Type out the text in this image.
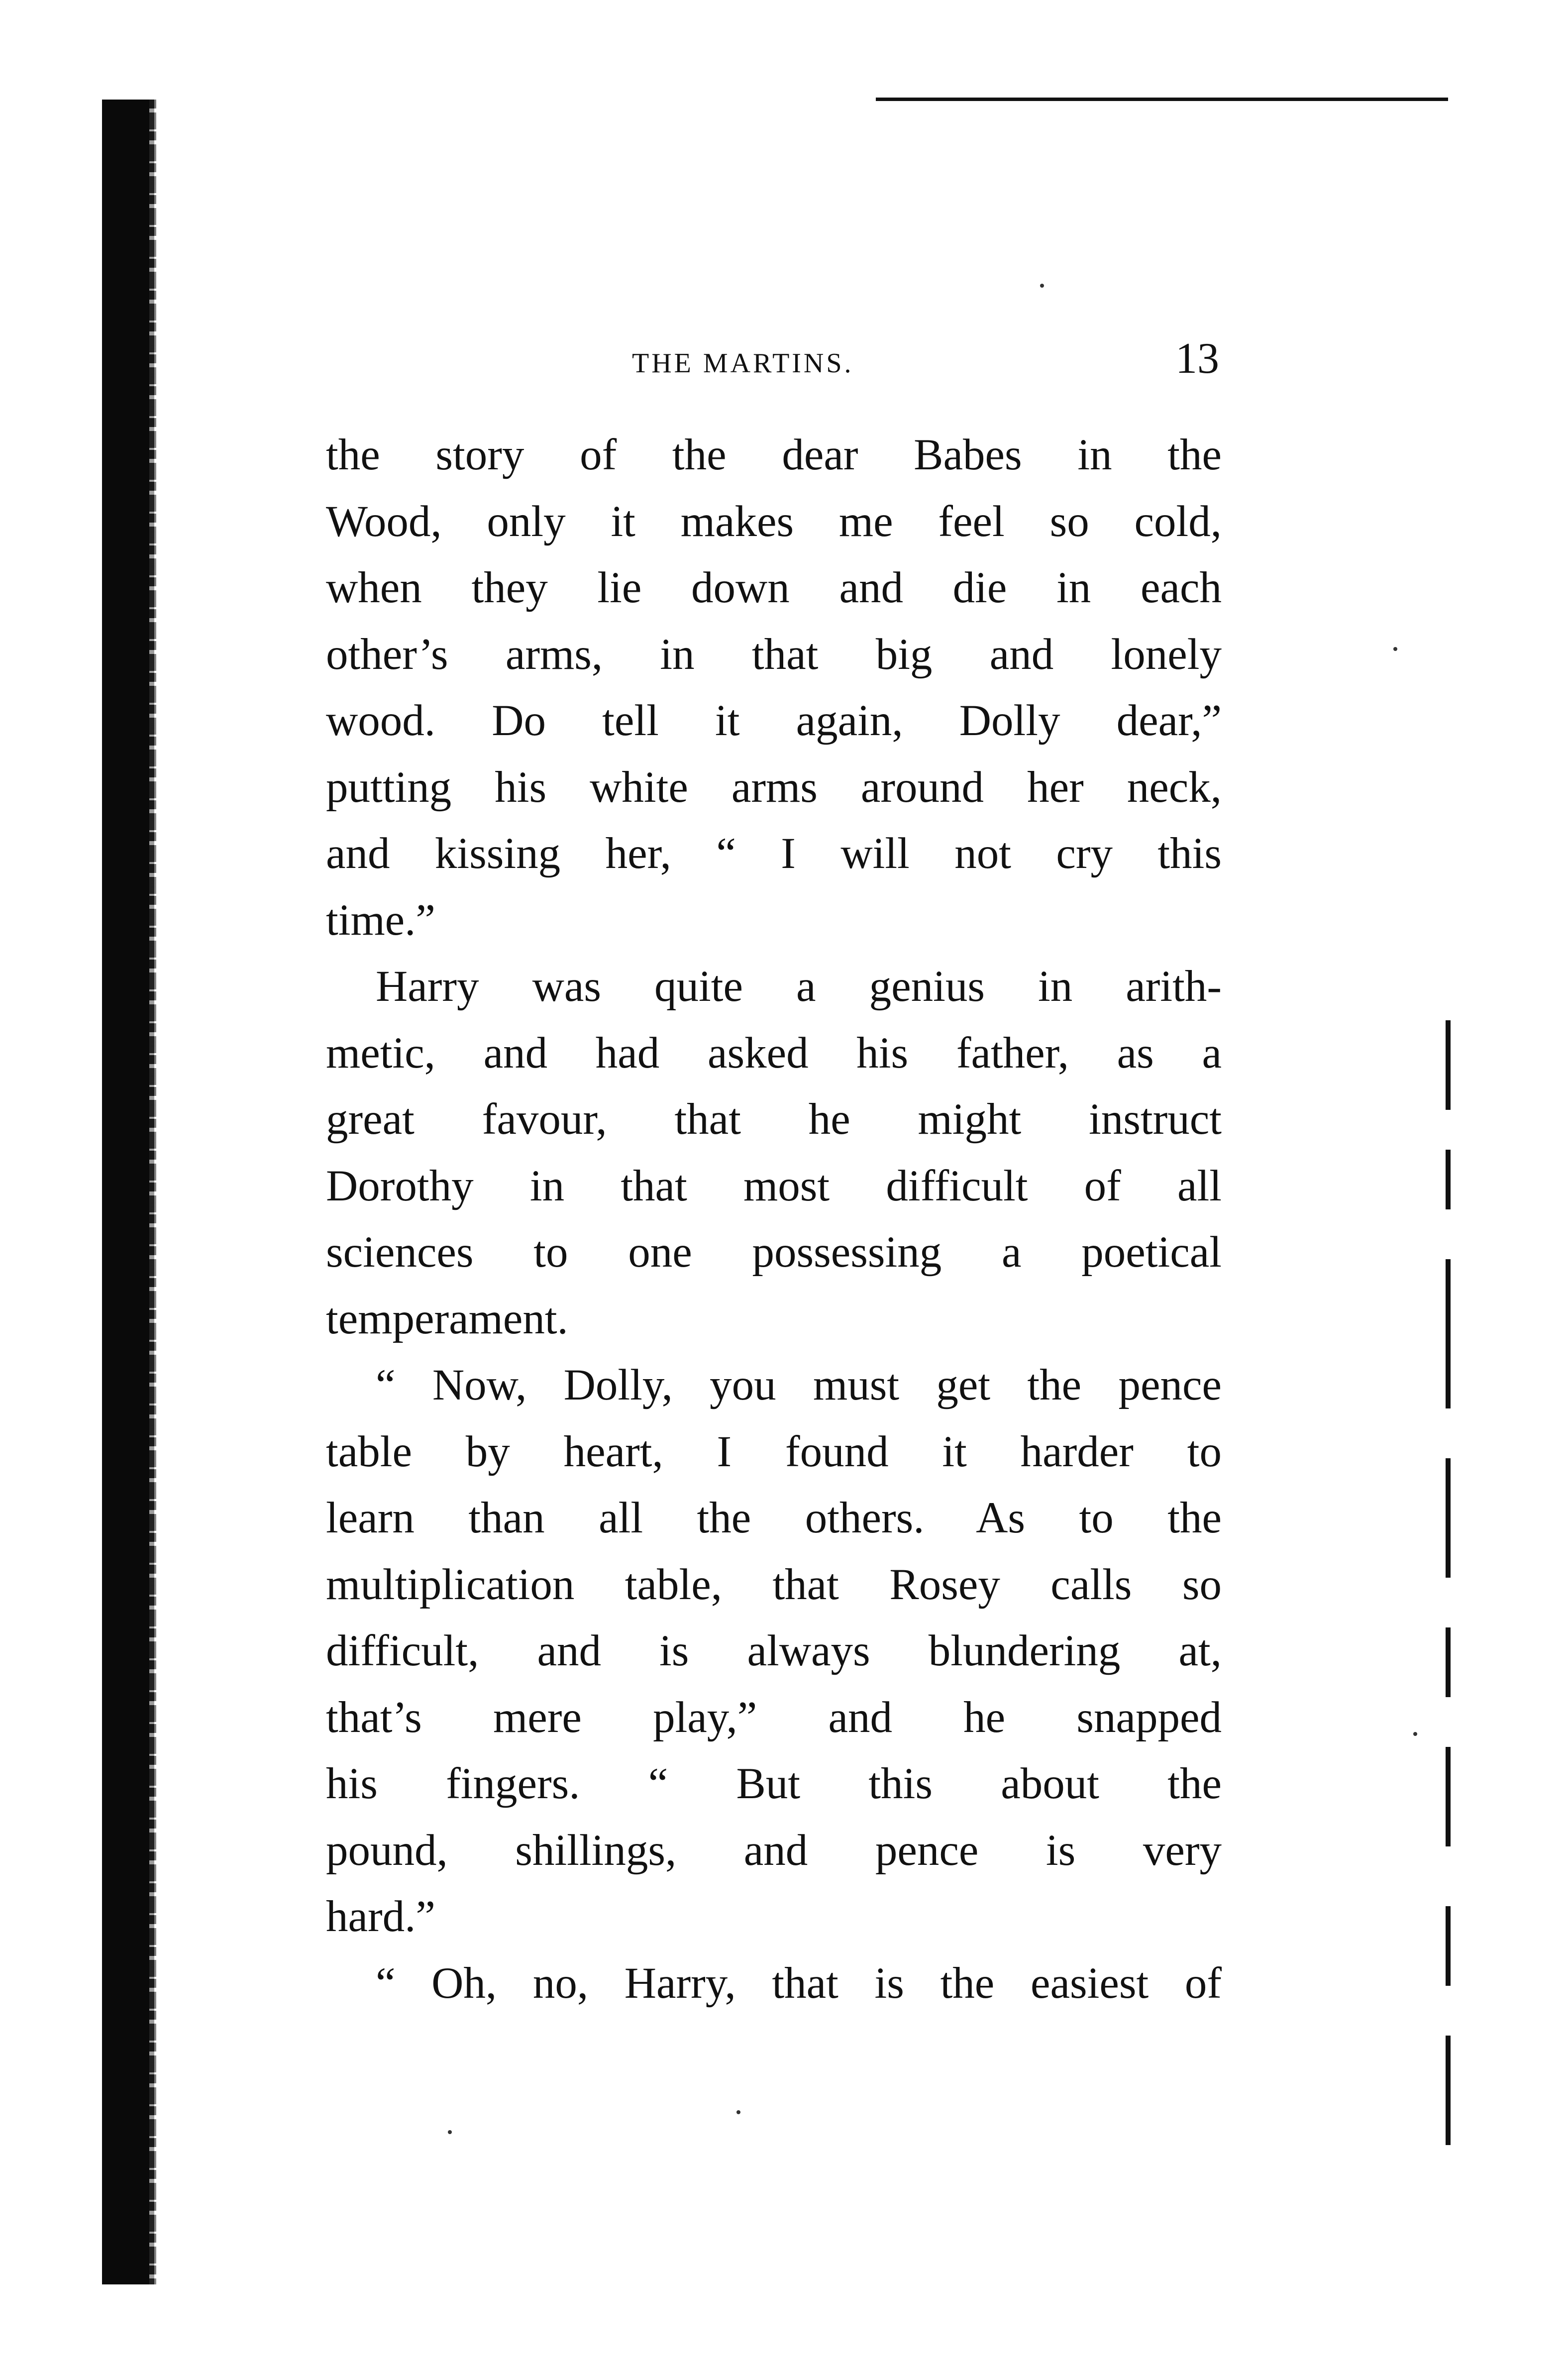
THE MARTINS.	13
the story of the dear Babes in the
Wood, only it makes me feel so cold,
when they lie down and die in each
other’s arms, in that big and lonely
wood. Do tell it again, Dolly dear,”
putting his white arms around her neck,
and kissing her, “ I will not cry this
time.”
Harry was quite a genius in arith-
metic, and had asked his father, as a
great favour, that he might instruct
Dorothy in that most difficult of all
sciences to one possessing a poetical
temperament.
“ Now, Dolly, you must get the pence
table by heart, I found it harder to
learn than all the others. As to the
multiplication table, that Rosey calls so
difficult, and is always blundering at,
that’s mere play,” and he snapped
his fingers. “ But this about the
pound, shillings, and pence is very
hard.”
“ Oh, no, Harry, that is the easiest of
